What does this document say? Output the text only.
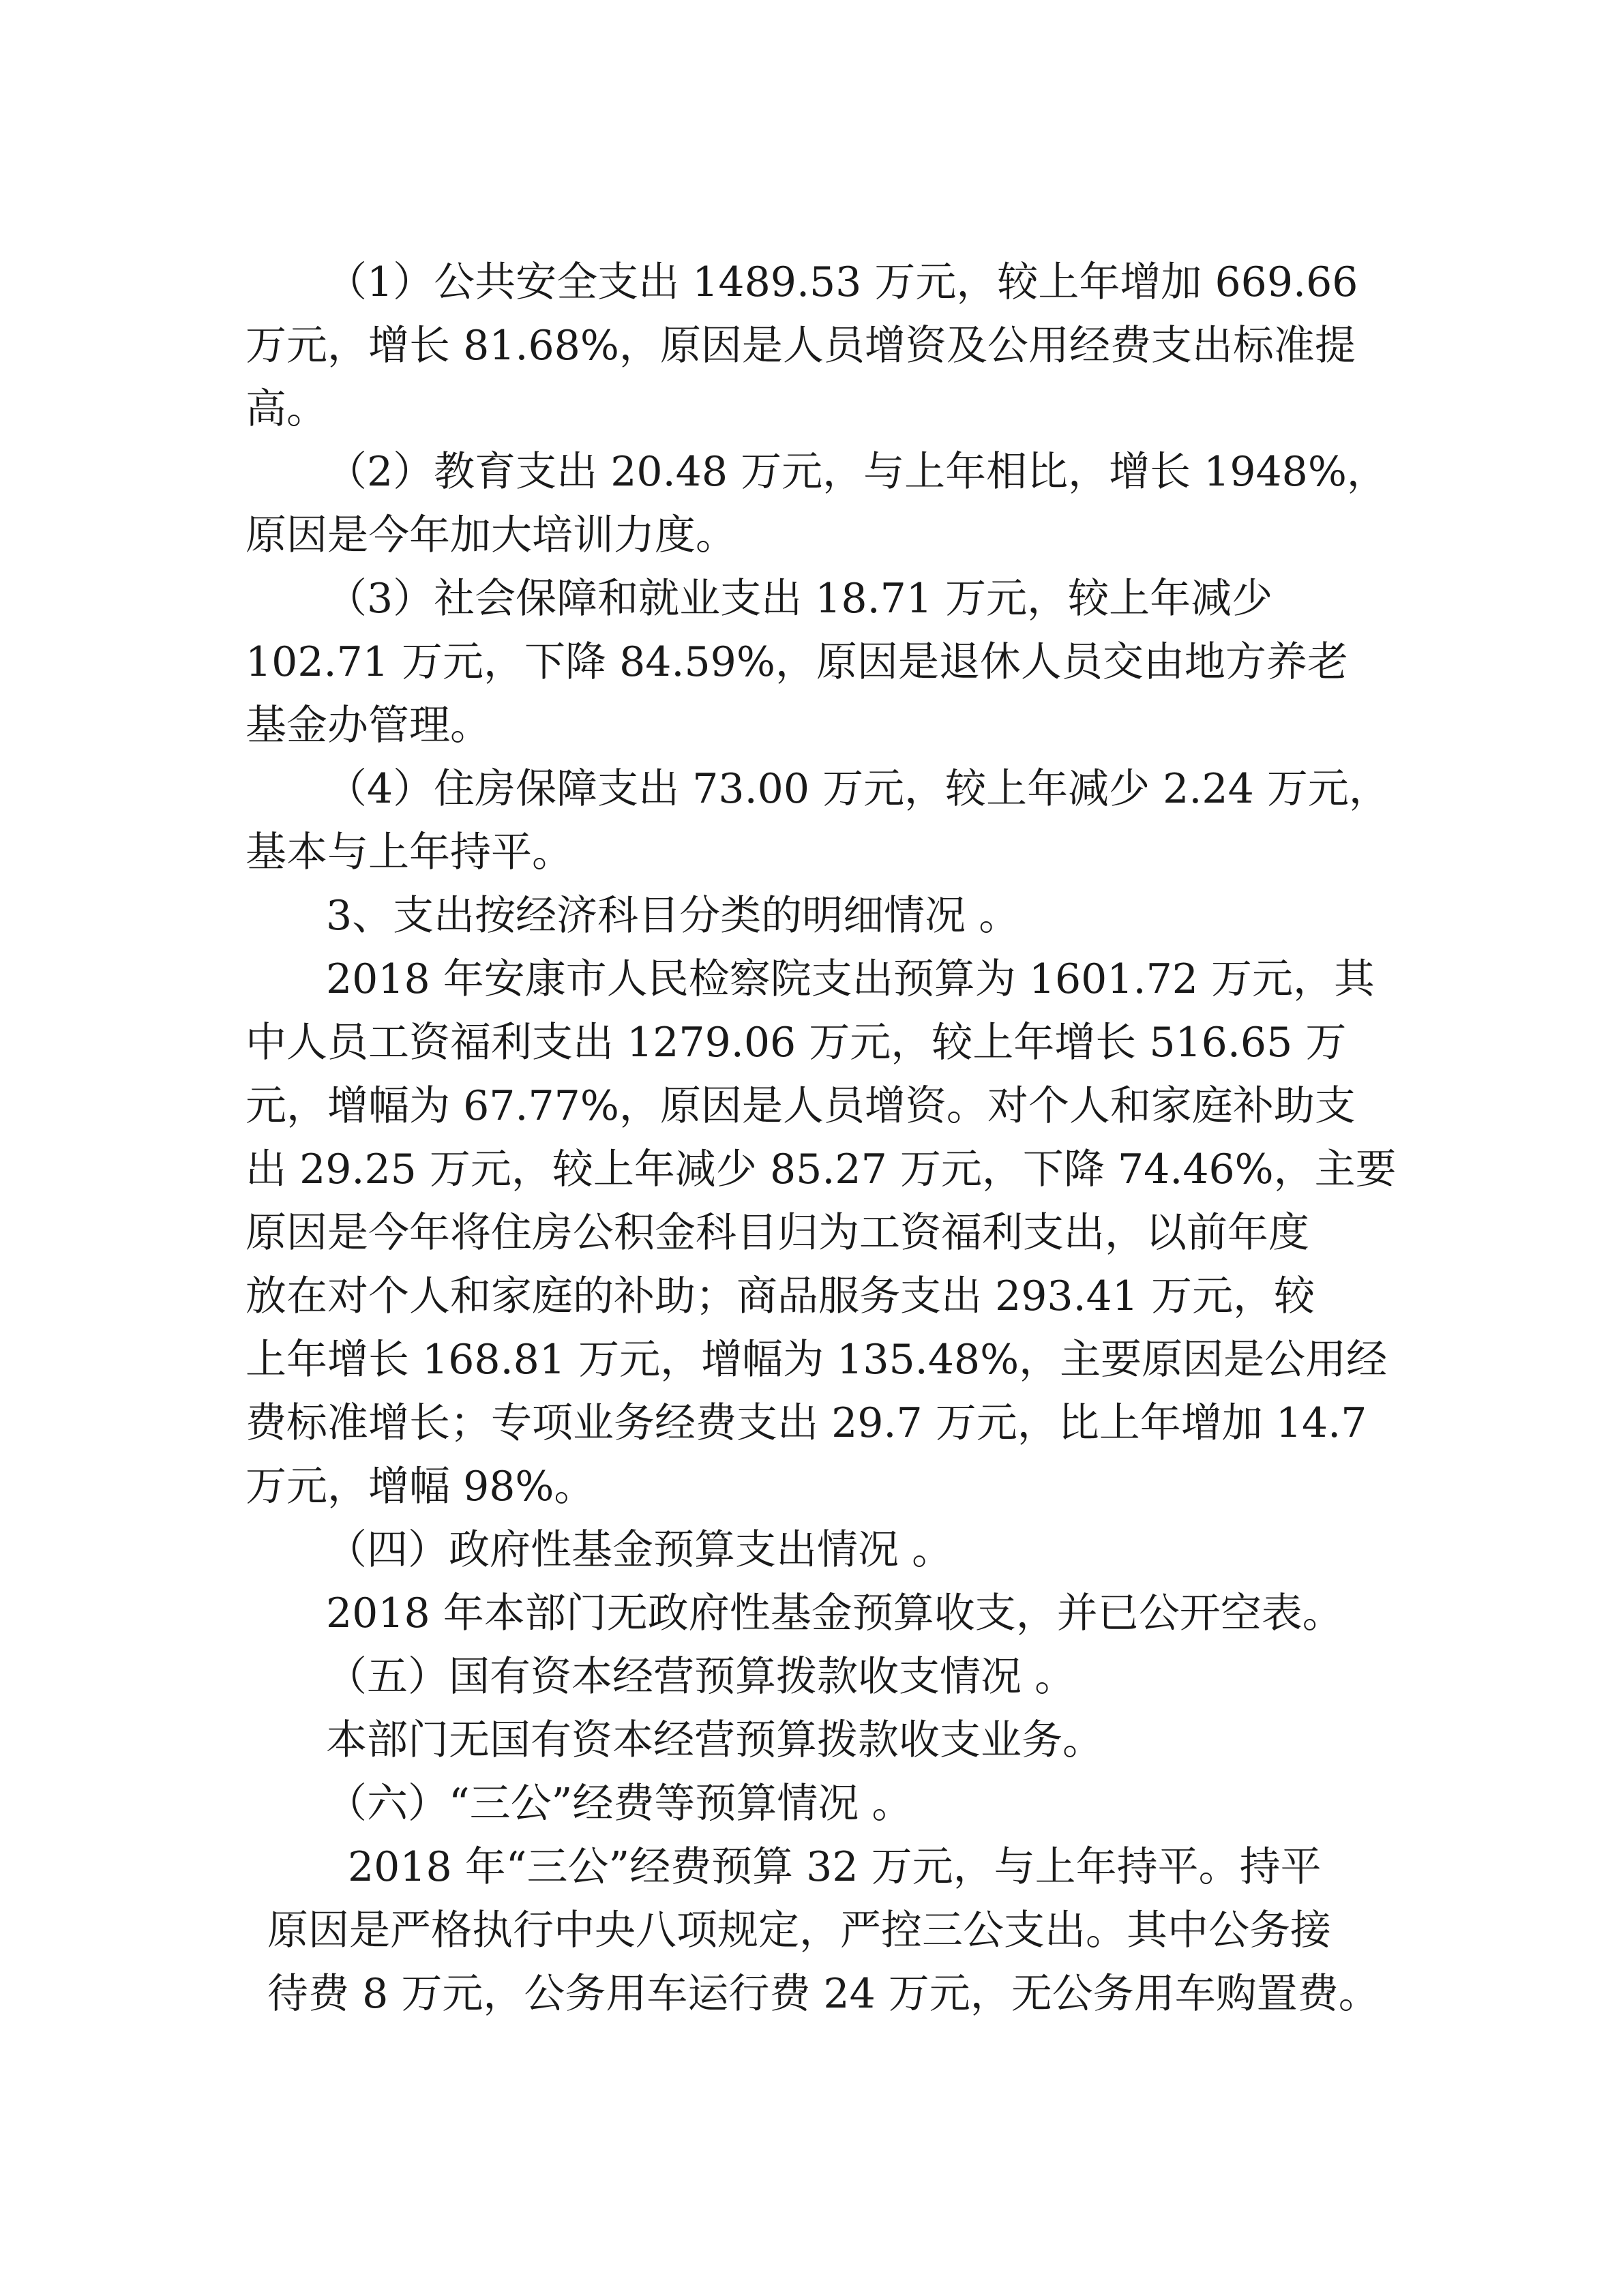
（1）公共安全支出 1489.53 万元，较上年增加 669.66
万元，增长 81.68%，原因是人员增资及公用经费支出标准提
高。
（2）教育支出 20.48 万元，与上年相比，增长 1948%，
原因是今年加大培训力度。
（3）社会保障和就业支出 18.71 万元，较上年减少
102.71 万元，下降 84.59%，原因是退休人员交由地方养老
基金办管理。
（4）住房保障支出 73.00 万元，较上年减少 2.24 万元，
基本与上年持平。
3、支出按经济科目分类的明细情况 。
2018 年安康市人民检察院支出预算为 1601.72 万元，其
中人员工资福利支出 1279.06 万元，较上年增长 516.65 万
元，增幅为 67.77%，原因是人员增资。对个人和家庭补助支
出 29.25 万元，较上年减少 85.27 万元，下降 74.46%，主要
原因是今年将住房公积金科目归为工资福利支出，以前年度
放在对个人和家庭的补助；商品服务支出 293.41 万元，较
上年增长 168.81 万元，增幅为 135.48%，主要原因是公用经
费标准增长；专项业务经费支出 29.7 万元，比上年增加 14.7
万元，增幅 98%。
（四）政府性基金预算支出情况 。
2018 年本部门无政府性基金预算收支，并已公开空表。
（五）国有资本经营预算拨款收支情况 。
本部门无国有资本经营预算拨款收支业务。
（六）“三公”经费等预算情况 。
2018 年“三公”经费预算 32 万元，与上年持平。持平
原因是严格执行中央八项规定，严控三公支出。其中公务接
待费 8 万元，公务用车运行费 24 万元，无公务用车购置费。
